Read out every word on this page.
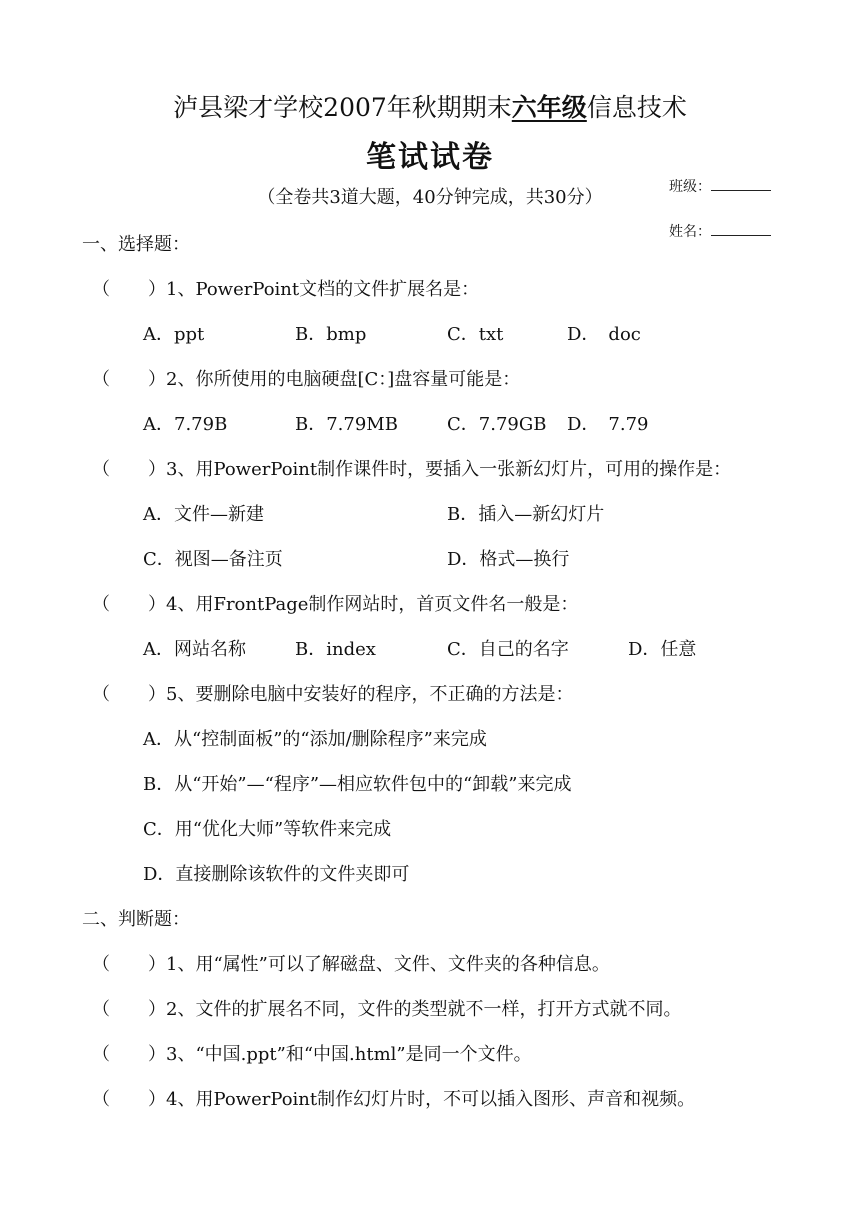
泸县梁才学校2007年秋期期末六年级信息技术
笔试试卷
（全卷共3道大题，40分钟完成，共30分）	班级：
姓名：
一、选择题：
（ ）1、PowerPoint文档的文件扩展名是：
A．ppt	B．bmp	C．txt	D．　doc
（ ）2、你所使用的电脑硬盘[C：]盘容量可能是：
A．7.79B	B．7.79MB	C．7.79GB D．　7.79
（ ）3、用PowerPoint制作课件时，要插入一张新幻灯片，可用的操作是：
A．文件—新建	B．插入—新幻灯片
C．视图—备注页	D．格式—换行
（ ）4、用FrontPage制作网站时，首页文件名一般是：
A．网站名称	B．index	C．自己的名字	D．任意
（ ）5、要删除电脑中安装好的程序，不正确的方法是：
A．从“控制面板”的“添加/删除程序”来完成
B．从“开始”—“程序”—相应软件包中的“卸载”来完成
C．用“优化大师”等软件来完成
D．直接删除该软件的文件夹即可
二、判断题：
（ ）1、用“属性”可以了解磁盘、文件、文件夹的各种信息。
（ ）2、文件的扩展名不同，文件的类型就不一样，打开方式就不同。
（ ）3、“中国.ppt”和“中国.html”是同一个文件。
（ ）4、用PowerPoint制作幻灯片时，不可以插入图形、声音和视频。
